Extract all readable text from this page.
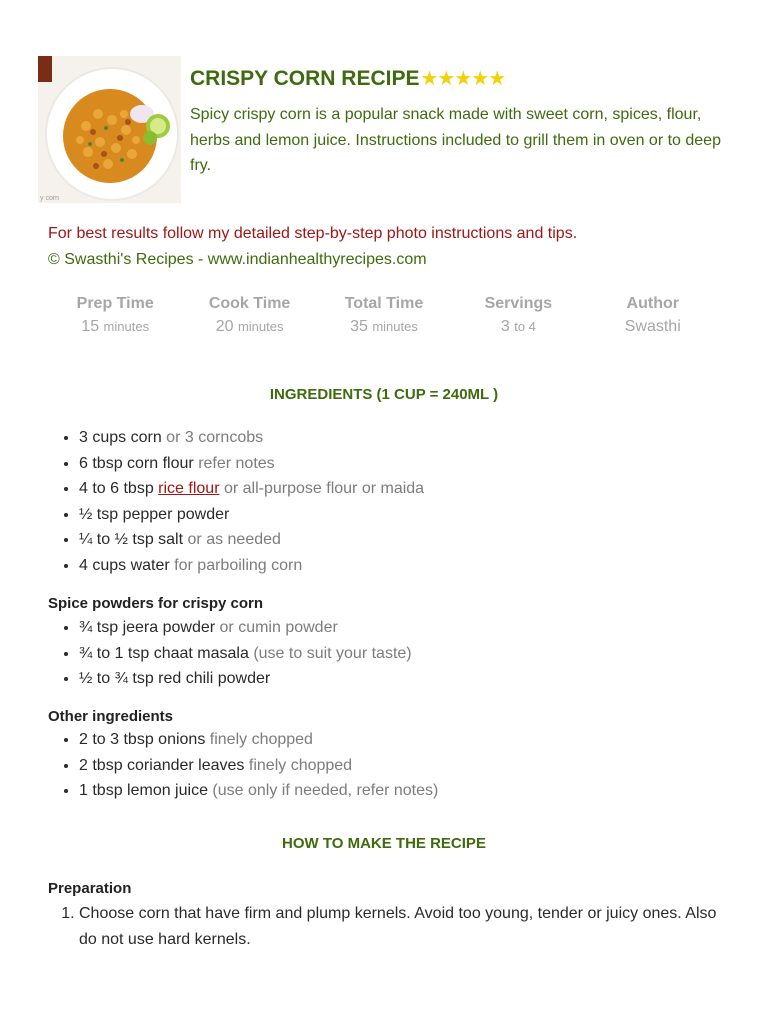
y corn
CRISPY CORN RECIPE★★★★★
Spicy crispy corn is a popular snack made with sweet corn, spices, flour, herbs and lemon juice. Instructions included to grill them in oven or to deep fry.
For best results follow my detailed step-by-step photo instructions and tips.
© Swasthi's Recipes - www.indianhealthyrecipes.com
Prep Time
15 minutes
Cook Time
20 minutes
Total Time
35 minutes
Servings
3 to 4
Author
Swasthi
INGREDIENTS (1 CUP = 240ML )
• 3 cups corn or 3 corncobs
• 6 tbsp corn flour refer notes
• 4 to 6 tbsp rice flour or all-purpose flour or maida
• ½ tsp pepper powder
• ¼ to ½ tsp salt or as needed
• 4 cups water for parboiling corn
Spice powders for crispy corn
• ¾ tsp jeera powder or cumin powder
• ¾ to 1 tsp chaat masala (use to suit your taste)
• ½ to ¾ tsp red chili powder
Other ingredients
• 2 to 3 tbsp onions finely chopped
• 2 tbsp coriander leaves finely chopped
• 1 tbsp lemon juice (use only if needed, refer notes)
HOW TO MAKE THE RECIPE
Preparation
1. Choose corn that have firm and plump kernels. Avoid too young, tender or juicy ones. Also do not use hard kernels.
